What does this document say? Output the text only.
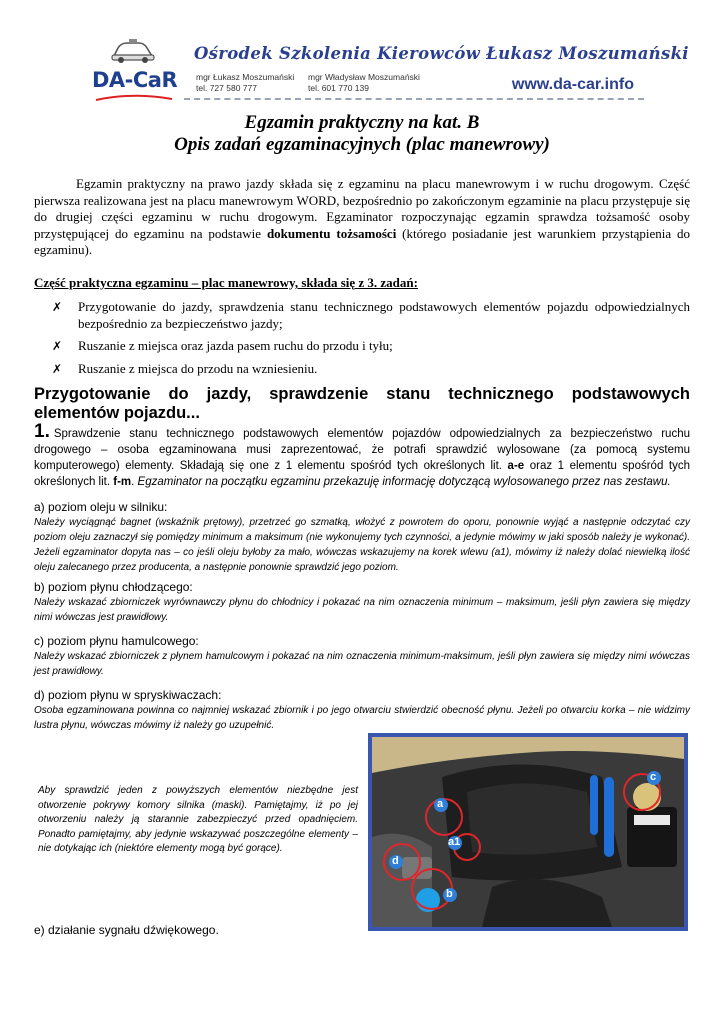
DA-CaR
Ośrodek Szkolenia Kierowców Łukasz Moszumański
mgr Łukasz Moszumański
tel. 727 580 777
mgr Władysław Moszumański
tel. 601 770 139	www.da-car.info
Egzamin praktyczny na kat. B
Opis zadań egzaminacyjnych (plac manewrowy)

Egzamin praktyczny na prawo jazdy składa się z egzaminu na placu manewrowym i w ruchu drogowym. Część pierwsza realizowana jest na placu manewrowym WORD, bezpośrednio po zakończonym egzaminie na placu przystępuje się do drugiej części egzaminu w ruchu drogowym. Egzaminator rozpoczynając egzamin sprawdza tożsamość osoby przystępującej do egzaminu na podstawie dokumentu tożsamości (którego posiadanie jest warunkiem przystąpienia do egzaminu).

Część praktyczna egzaminu – plac manewrowy, składa się z 3. zadań:

✗ Przygotowanie do jazdy, sprawdzenia stanu technicznego podstawowych elementów pojazdu odpowiedzialnych bezpośrednio za bezpieczeństwo jazdy;
✗ Ruszanie z miejsca oraz jazda pasem ruchu do przodu i tyłu;
✗ Ruszanie z miejsca do przodu na wzniesieniu.

Przygotowanie do jazdy, sprawdzenie stanu technicznego podstawowych elementów pojazdu...

1. Sprawdzenie stanu technicznego podstawowych elementów pojazdów odpowiedzialnych za bezpieczeństwo ruchu drogowego – osoba egzaminowana musi zaprezentować, że potrafi sprawdzić wylosowane (za pomocą systemu komputerowego) elementy. Składają się one z 1 elementu spośród tych określonych lit. a-e oraz 1 elementu spośród tych określonych lit. f-m. Egzaminator na początku egzaminu przekazuję informację dotyczącą wylosowanego przez nas zestawu.

a) poziom oleju w silniku:
Należy wyciągnąć bagnet (wskaźnik prętowy), przetrzeć go szmatką, włożyć z powrotem do oporu, ponownie wyjąć a następnie odczytać czy poziom oleju zaznaczył się pomiędzy minimum a maksimum (nie wykonujemy tych czynności, a jedynie mówimy w jaki sposób należy je wykonać). Jeżeli egzaminator dopyta nas – co jeśli oleju byłoby za mało, wówczas wskazujemy na korek wlewu (a1), mówimy iż należy dolać niewielką ilość oleju zalecanego przez producenta, a następnie ponownie sprawdzić jego poziom.
b) poziom płynu chłodzącego:
Należy wskazać zbiorniczek wyrównawczy płynu do chłodnicy i pokazać na nim oznaczenia minimum – maksimum, jeśli płyn zawiera się między nimi wówczas jest prawidłowy.
c) poziom płynu hamulcowego:
Należy wskazać zbiorniczek z płynem hamulcowym i pokazać na nim oznaczenia minimum-maksimum, jeśli płyn zawiera się między nimi wówczas jest prawidłowy.
d) poziom płynu w spryskiwaczach:
Osoba egzaminowana powinna co najmniej wskazać zbiornik i po jego otwarciu stwierdzić obecność płynu. Jeżeli po otwarciu korka – nie widzimy lustra płynu, wówczas mówimy iż należy go uzupełnić.

Aby sprawdzić jeden z powyższych elementów niezbędne jest otworzenie pokrywy komory silnika (maski). Pamiętajmy, iż po jej otworzeniu należy ją starannie zabezpieczyć przed opadnięciem. Ponadto pamiętajmy, aby jedynie wskazywać poszczególne elementy – nie dotykając ich (niektóre elementy mogą być gorące).

e) działanie sygnału dźwiękowego.

a
a1
b
d
c
